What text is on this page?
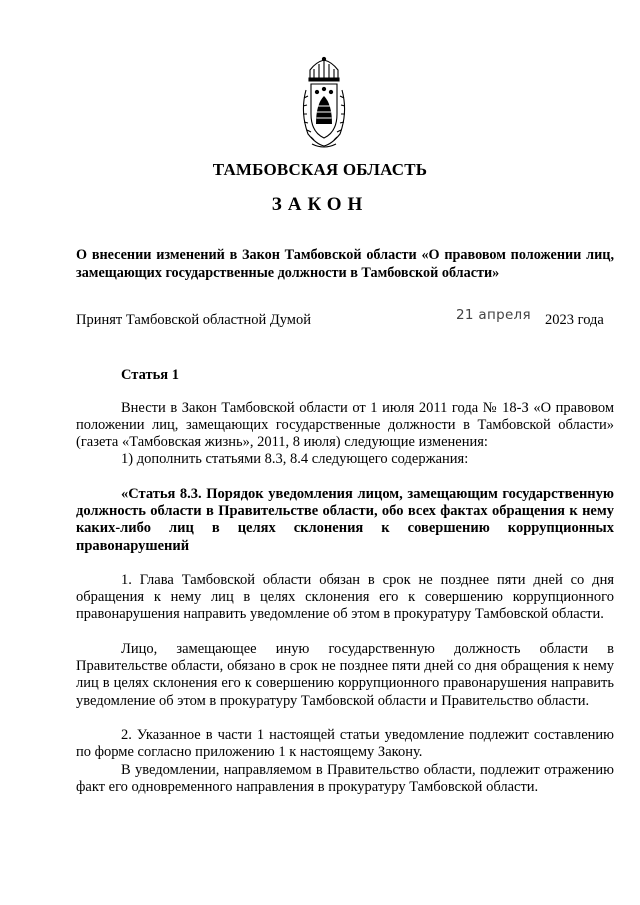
ТАМБОВСКАЯ ОБЛАСТЬ
ЗАКОН
О внесении изменений в Закон Тамбовской области «О правовом положении лиц, замещающих государственные должности в Тамбовской области»
Принят Тамбовской областной Думой	21 апреля 2023 года
Статья 1

Внести в Закон Тамбовской области от 1 июля 2011 года № 18-З «О правовом положении лиц, замещающих государственные должности в Тамбовской области» (газета «Тамбовская жизнь», 2011, 8 июля) следующие изменения:

1) дополнить статьями 8.3, 8.4 следующего содержания:

«Статья 8.3. Порядок уведомления лицом, замещающим государственную должность области в Правительстве области, обо всех фактах обращения к нему каких-либо лиц в целях склонения к совершению коррупционных правонарушений

1. Глава Тамбовской области обязан в срок не позднее пяти дней со дня обращения к нему лиц в целях склонения его к совершению коррупционного правонарушения направить уведомление об этом в прокуратуру Тамбовской области.

Лицо, замещающее иную государственную должность области в Правительстве области, обязано в срок не позднее пяти дней со дня обращения к нему лиц в целях склонения его к совершению коррупционного правонарушения направить уведомление об этом в прокуратуру Тамбовской области и Правительство области.

2. Указанное в части 1 настоящей статьи уведомление подлежит составлению по форме согласно приложению 1 к настоящему Закону.

В уведомлении, направляемом в Правительство области, подлежит отражению факт его одновременного направления в прокуратуру Тамбовской области.
